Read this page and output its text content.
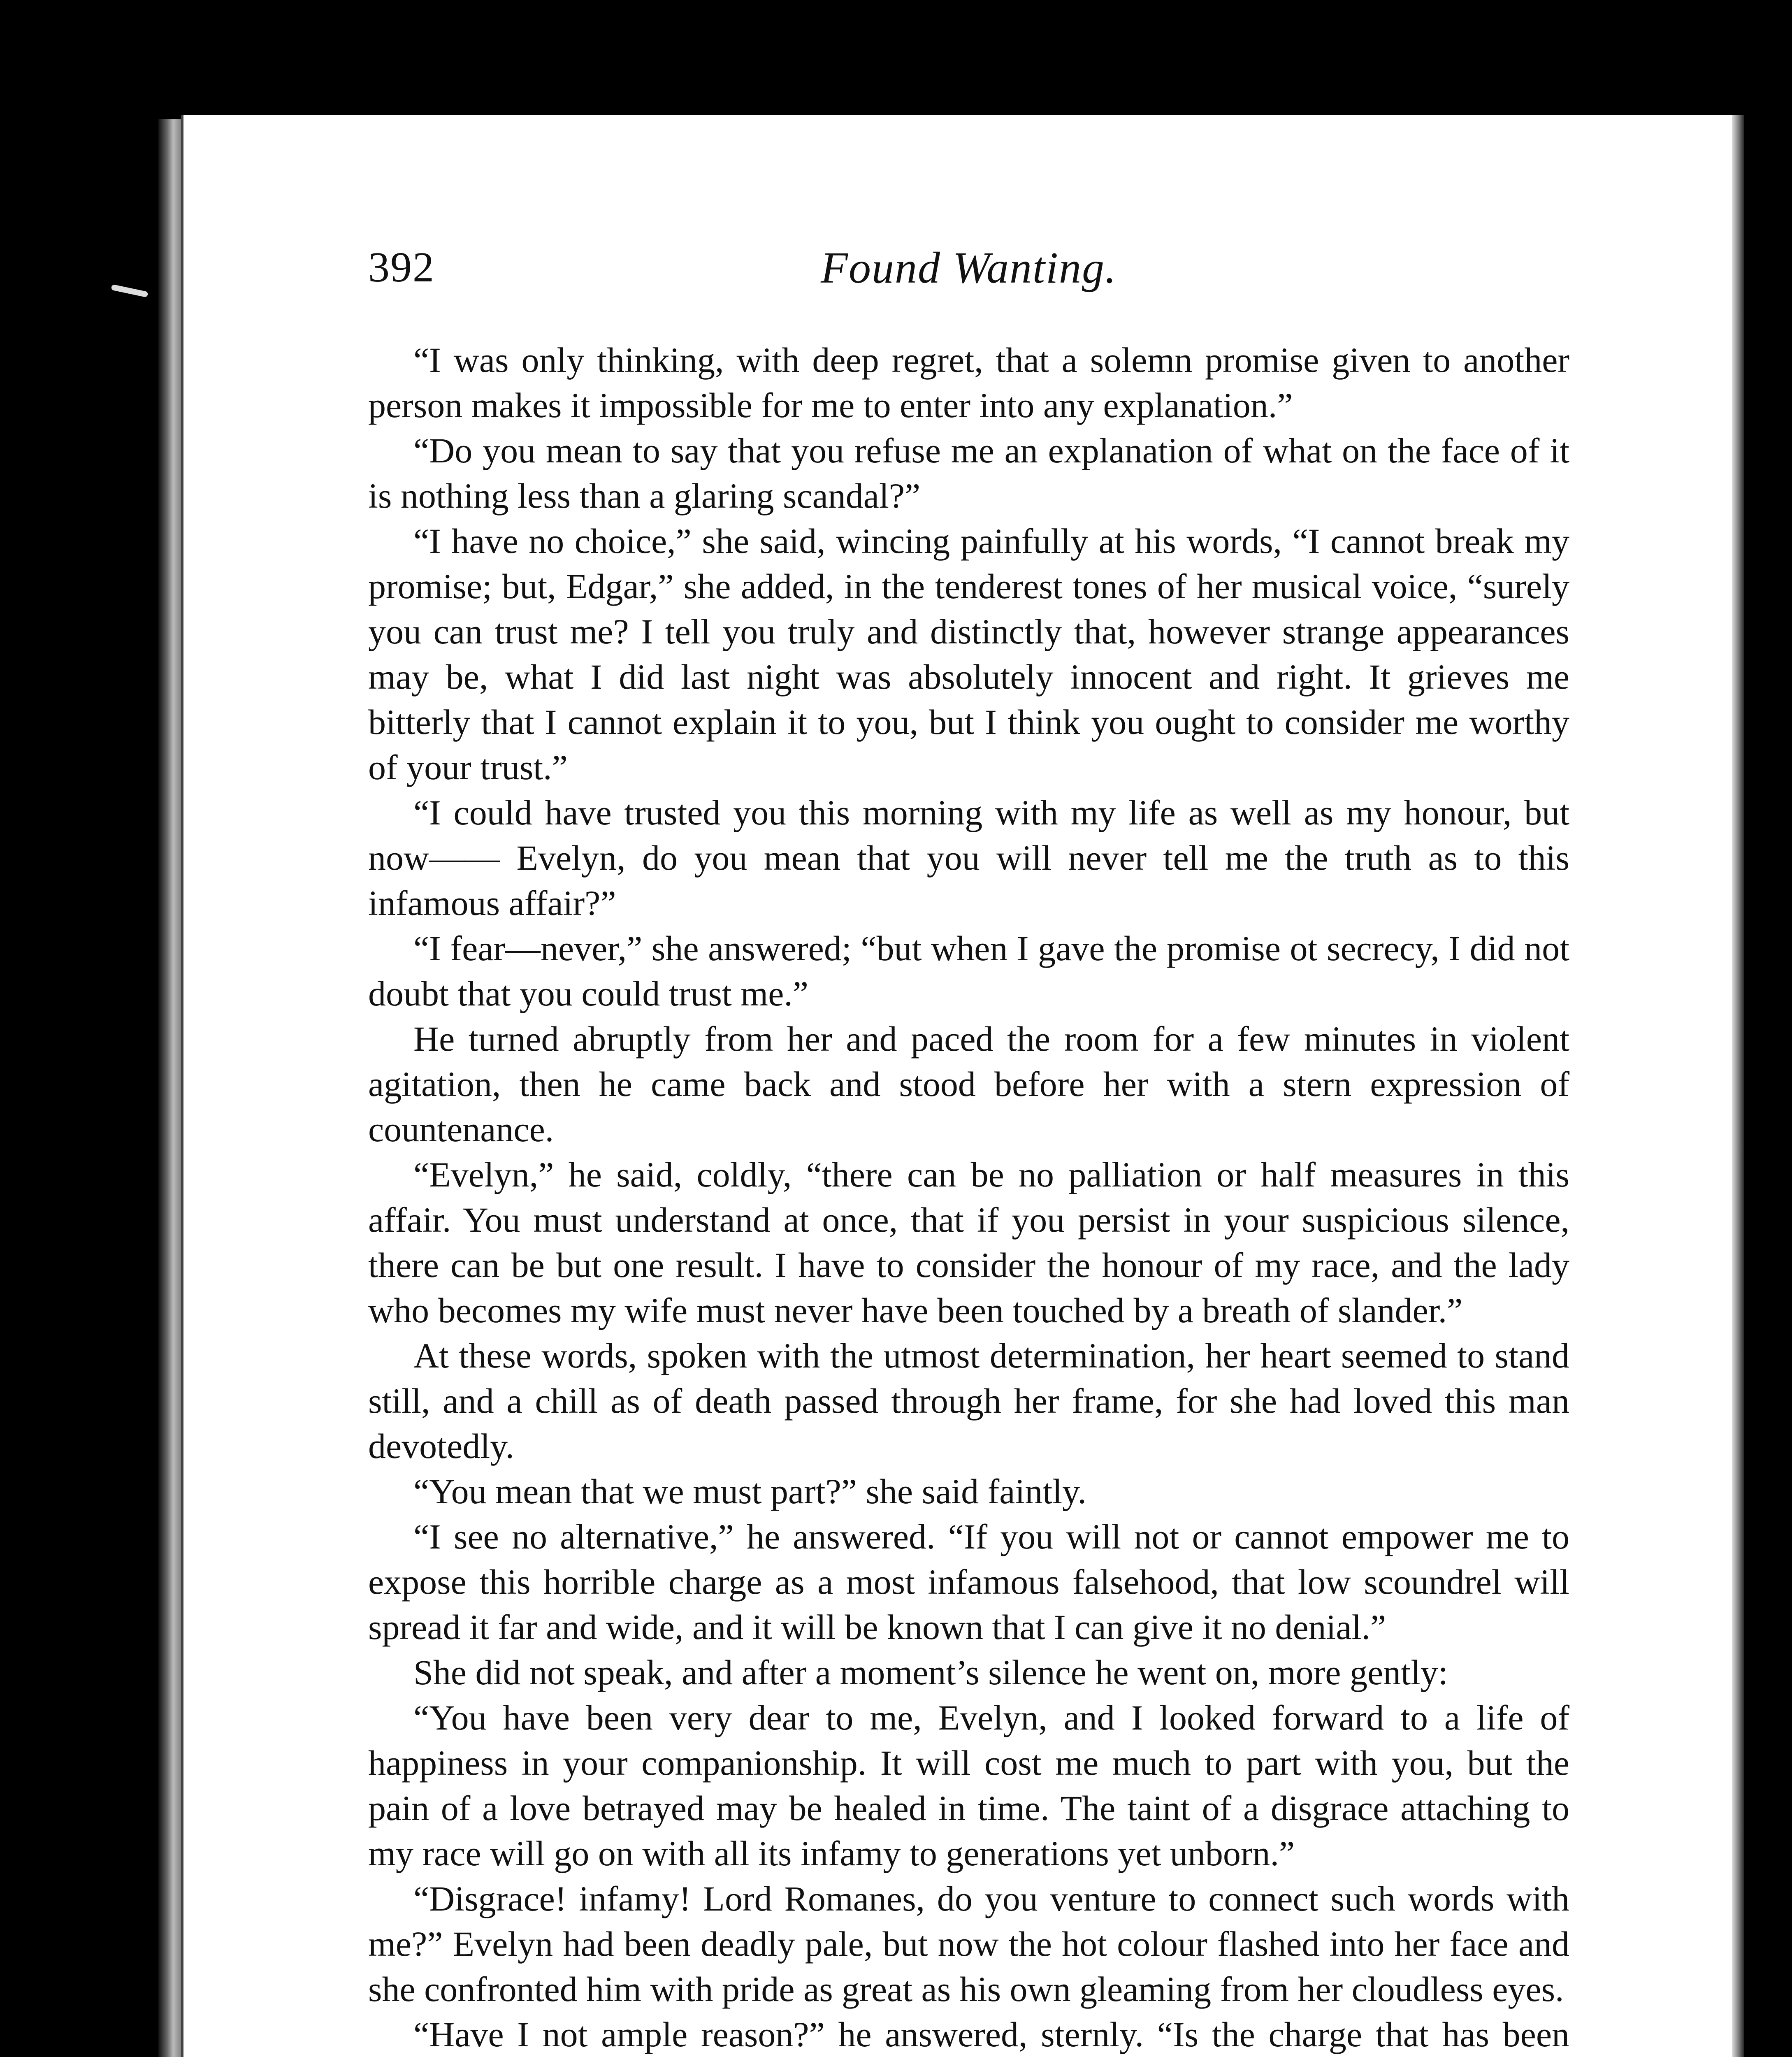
392	Found Wanting.

“I was only thinking, with deep regret, that a solemn promise given to another person makes it impossible for me to enter into any explanation.”

“Do you mean to say that you refuse me an explanation of what on the face of it is nothing less than a glaring scandal?”

“I have no choice,” she said, wincing painfully at his words, “I cannot break my promise; but, Edgar,” she added, in the tenderest tones of her musical voice, “surely you can trust me? I tell you truly and distinctly that, however strange appearances may be, what I did last night was absolutely innocent and right. It grieves me bitterly that I cannot explain it to you, but I think you ought to consider me worthy of your trust.”

“I could have trusted you this morning with my life as well as my honour, but now—— Evelyn, do you mean that you will never tell me the truth as to this infamous affair?”

“I fear—never,” she answered; “but when I gave the promise ot secrecy, I did not doubt that you could trust me.”

He turned abruptly from her and paced the room for a few minutes in violent agitation, then he came back and stood before her with a stern expression of countenance.

“Evelyn,” he said, coldly, “there can be no palliation or half measures in this affair. You must understand at once, that if you persist in your suspicious silence, there can be but one result. I have to consider the honour of my race, and the lady who becomes my wife must never have been touched by a breath of slander.”

At these words, spoken with the utmost determination, her heart seemed to stand still, and a chill as of death passed through her frame, for she had loved this man devotedly.

“You mean that we must part?” she said faintly.

“I see no alternative,” he answered. “If you will not or cannot empower me to expose this horrible charge as a most infamous falsehood, that low scoundrel will spread it far and wide, and it will be known that I can give it no denial.”

She did not speak, and after a moment’s silence he went on, more gently:

“You have been very dear to me, Evelyn, and I looked forward to a life of happiness in your companionship. It will cost me much to part with you, but the pain of a love betrayed may be healed in time. The taint of a disgrace attaching to my race will go on with all its infamy to generations yet unborn.”

“Disgrace! infamy! Lord Romanes, do you venture to connect such words with me?” Evelyn had been deadly pale, but now the hot colour flashed into her face and she confronted him with pride as great as his own gleaming from her cloudless eyes.

“Have I not ample reason?” he answered, sternly. “Is the charge that has been
